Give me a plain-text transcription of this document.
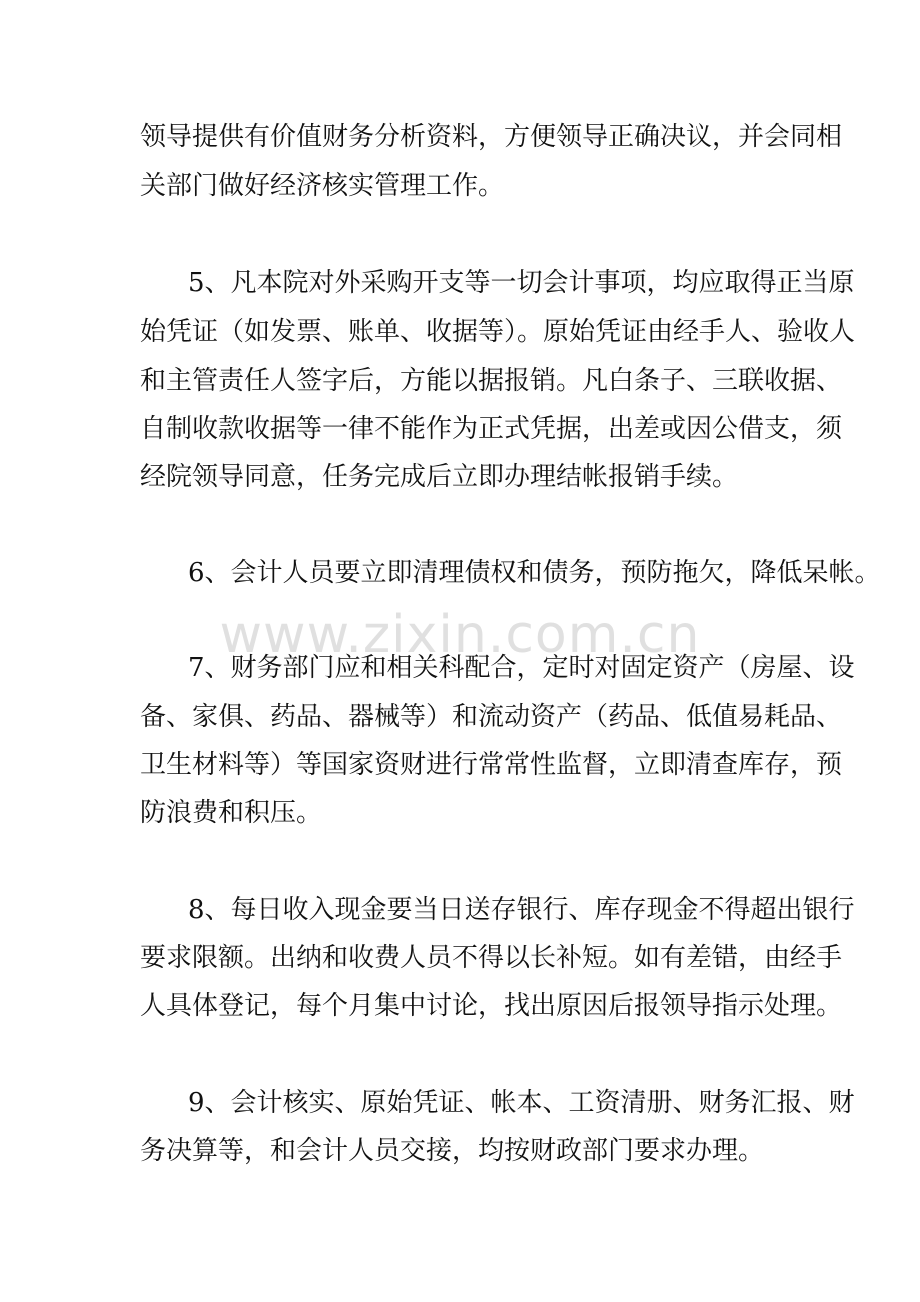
领导提供有价值财务分析资料，方便领导正确决议，并会同相
关部门做好经济核实管理工作。
5、凡本院对外采购开支等一切会计事项，均应取得正当原
始凭证（如发票、账单、收据等）。原始凭证由经手人、验收人
和主管责任人签字后，方能以据报销。凡白条子、三联收据、
自制收款收据等一律不能作为正式凭据，出差或因公借支，须
经院领导同意，任务完成后立即办理结帐报销手续。
6、会计人员要立即清理债权和债务，预防拖欠，降低呆帐。
7、财务部门应和相关科配合，定时对固定资产（房屋、设
备、家俱、药品、器械等）和流动资产（药品、低值易耗品、
卫生材料等）等国家资财进行常常性监督，立即清查库存，预
防浪费和积压。
8、每日收入现金要当日送存银行、库存现金不得超出银行
要求限额。出纳和收费人员不得以长补短。如有差错，由经手
人具体登记，每个月集中讨论，找出原因后报领导指示处理。
9、会计核实、原始凭证、帐本、工资清册、财务汇报、财
务决算等，和会计人员交接，均按财政部门要求办理。
www.zixin.com.cn
